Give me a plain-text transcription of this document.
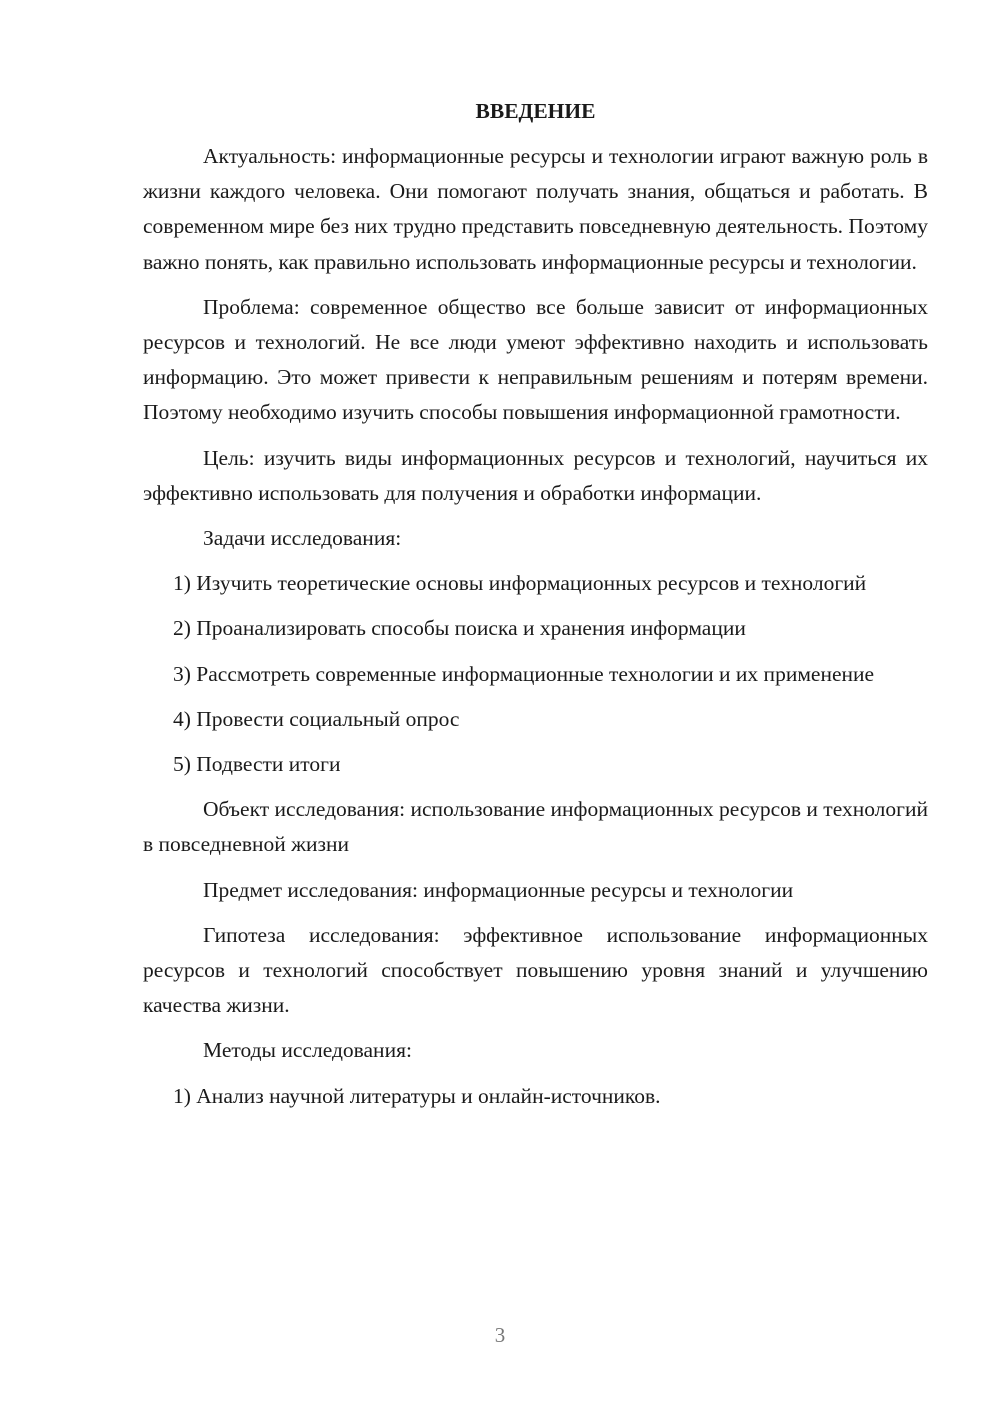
ВВЕДЕНИЕ

Актуальность: информационные ресурсы и технологии играют важную роль в жизни каждого человека. Они помогают получать знания, общаться и работать. В современном мире без них трудно представить повседневную деятельность. Поэтому важно понять, как правильно использовать информационные ресурсы и технологии.

Проблема: современное общество все больше зависит от информационных ресурсов и технологий. Не все люди умеют эффективно находить и использовать информацию. Это может привести к неправильным решениям и потерям времени. Поэтому необходимо изучить способы повышения информационной грамотности.

Цель: изучить виды информационных ресурсов и технологий, научиться их эффективно использовать для получения и обработки информации.

Задачи исследования:

1) Изучить теоретические основы информационных ресурсов и технологий

2) Проанализировать способы поиска и хранения информации

3) Рассмотреть современные информационные технологии и их применение

4) Провести социальный опрос

5) Подвести итоги

Объект исследования: использование информационных ресурсов и технологий в повседневной жизни

Предмет исследования: информационные ресурсы и технологии

Гипотеза исследования: эффективное использование информационных ресурсов и технологий способствует повышению уровня знаний и улучшению качества жизни.

Методы исследования:

1) Анализ научной литературы и онлайн-источников.

3
